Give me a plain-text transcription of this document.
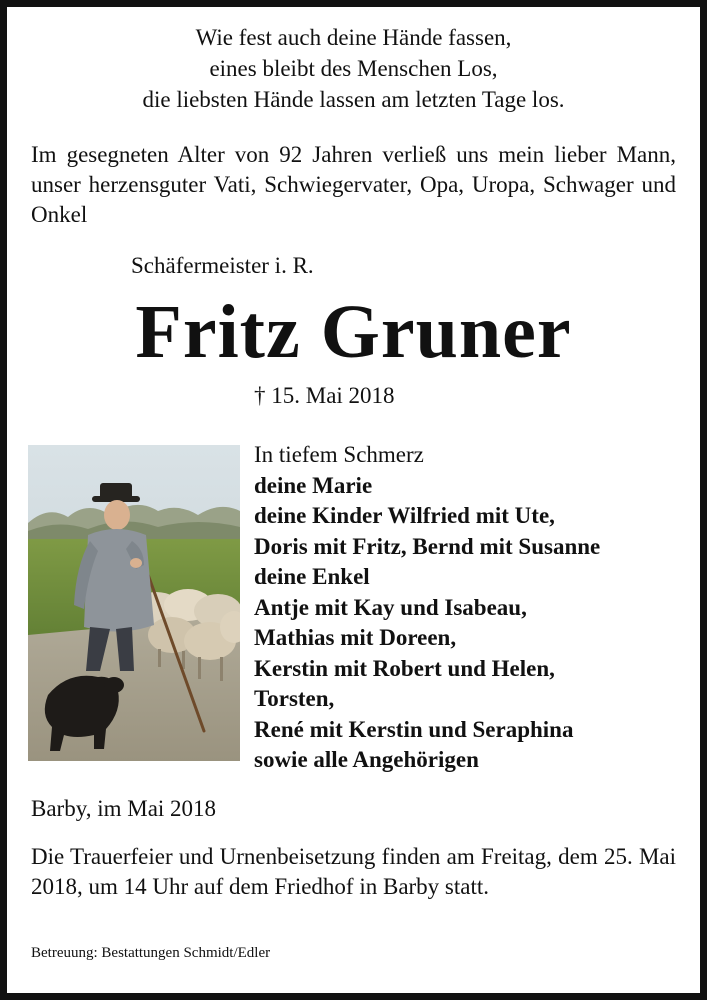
Wie fest auch deine Hände fassen,
eines bleibt des Menschen Los,
die liebsten Hände lassen am letzten Tage los.
Im gesegneten Alter von 92 Jahren verließ uns mein lieber Mann, unser herzensguter Vati, Schwiegervater, Opa, Uropa, Schwager und Onkel
Schäfermeister i. R.
Fritz Gruner
† 15. Mai 2018
In tiefem Schmerz
deine Marie
deine Kinder Wilfried mit Ute,
Doris mit Fritz, Bernd mit Susanne
deine Enkel
Antje mit Kay und Isabeau,
Mathias mit Doreen,
Kerstin mit Robert und Helen,
Torsten,
René mit Kerstin und Seraphina
sowie alle Angehörigen
Barby, im Mai 2018
Die Trauerfeier und Urnenbeisetzung finden am Freitag, dem 25. Mai 2018, um 14 Uhr auf dem Friedhof in Barby statt.
Betreuung: Bestattungen Schmidt/Edler
